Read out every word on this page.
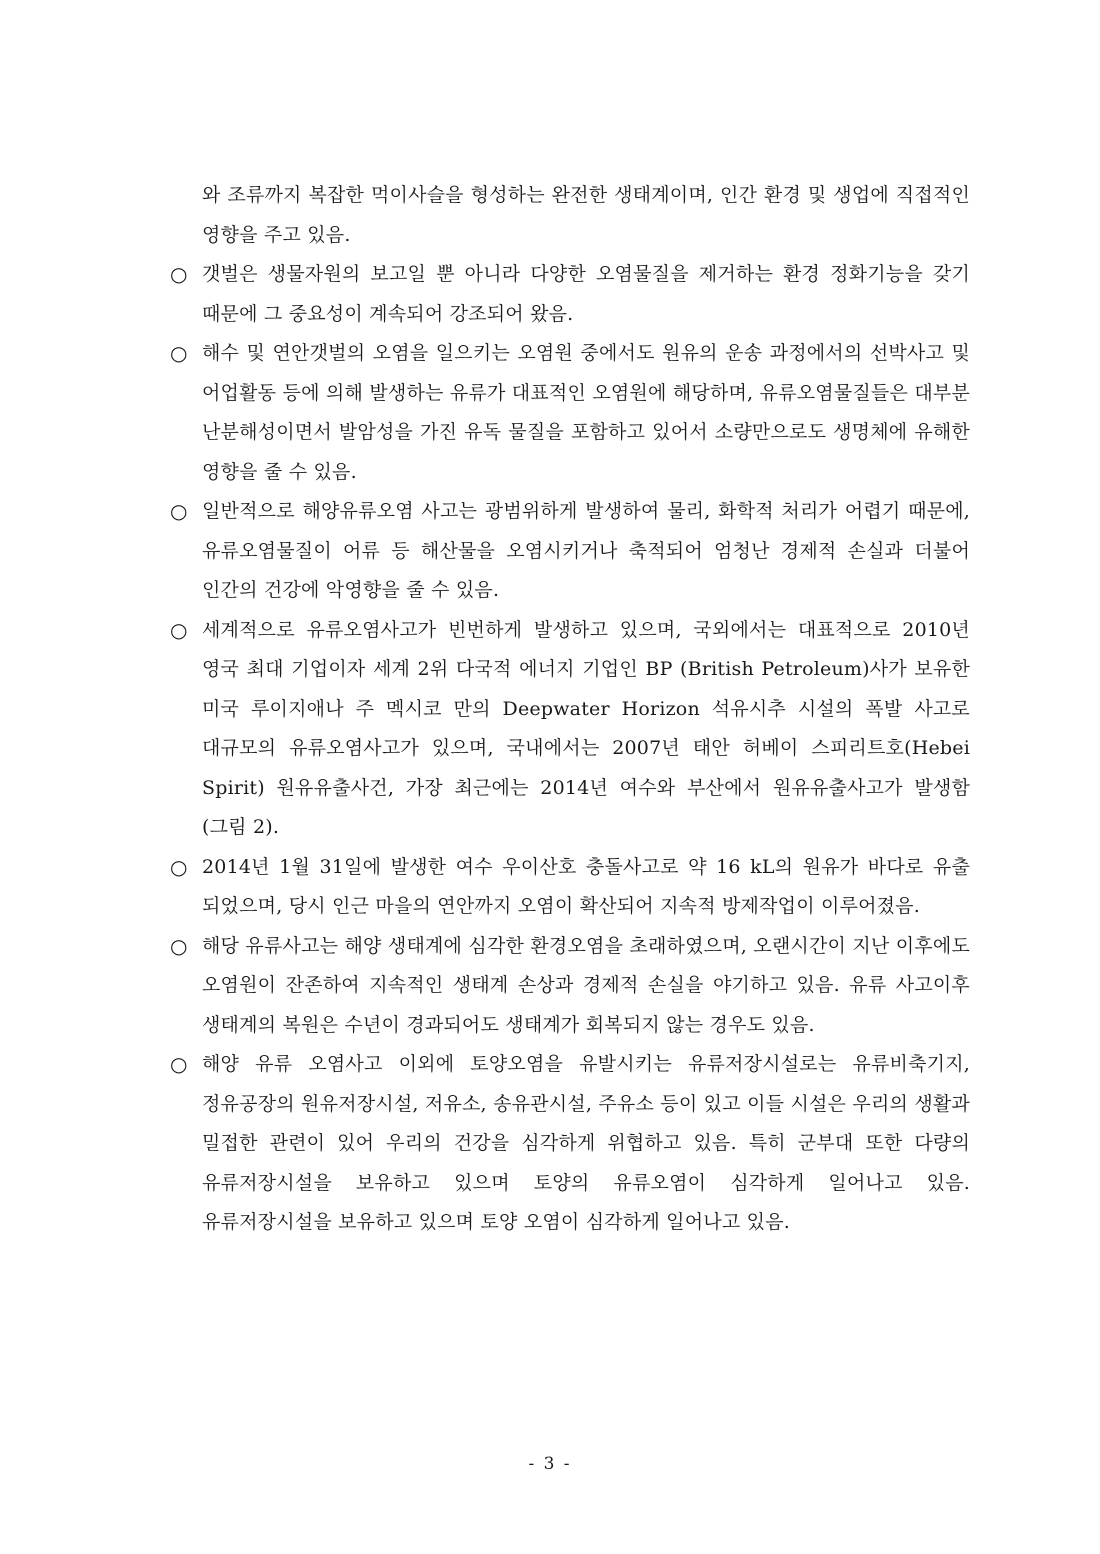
와 조류까지 복잡한 먹이사슬을 형성하는 완전한 생태계이며, 인간 환경 및 생업에 직접적인 영향을 주고 있음.
○ 갯벌은 생물자원의 보고일 뿐 아니라 다양한 오염물질을 제거하는 환경 정화기능을 갖기 때문에 그 중요성이 계속되어 강조되어 왔음.
○ 해수 및 연안갯벌의 오염을 일으키는 오염원 중에서도 원유의 운송 과정에서의 선박사고 및 어업활동 등에 의해 발생하는 유류가 대표적인 오염원에 해당하며, 유류오염물질들은 대부분 난분해성이면서 발암성을 가진 유독 물질을 포함하고 있어서 소량만으로도 생명체에 유해한 영향을 줄 수 있음.
○ 일반적으로 해양유류오염 사고는 광범위하게 발생하여 물리, 화학적 처리가 어렵기 때문에, 유류오염물질이 어류 등 해산물을 오염시키거나 축적되어 엄청난 경제적 손실과 더불어 인간의 건강에 악영향을 줄 수 있음.
○ 세계적으로 유류오염사고가 빈번하게 발생하고 있으며, 국외에서는 대표적으로 2010년 영국 최대 기업이자 세계 2위 다국적 에너지 기업인 BP (British Petroleum)사가 보유한 미국 루이지애나 주 멕시코 만의 Deepwater Horizon 석유시추 시설의 폭발 사고로 대규모의 유류오염사고가 있으며, 국내에서는 2007년 태안 허베이 스피리트호(Hebei Spirit) 원유유출사건, 가장 최근에는 2014년 여수와 부산에서 원유유출사고가 발생함(그림 2).
○ 2014년 1월 31일에 발생한 여수 우이산호 충돌사고로 약 16 kL의 원유가 바다로 유출 되었으며, 당시 인근 마을의 연안까지 오염이 확산되어 지속적 방제작업이 이루어졌음.
○ 해당 유류사고는 해양 생태계에 심각한 환경오염을 초래하였으며, 오랜시간이 지난 이후에도 오염원이 잔존하여 지속적인 생태계 손상과 경제적 손실을 야기하고 있음. 유류 사고이후 생태계의 복원은 수년이 경과되어도 생태계가 회복되지 않는 경우도 있음.
○ 해양 유류 오염사고 이외에 토양오염을 유발시키는 유류저장시설로는 유류비축기지, 정유공장의 원유저장시설, 저유소, 송유관시설, 주유소 등이 있고 이들 시설은 우리의 생활과 밀접한 관련이 있어 우리의 건강을 심각하게 위협하고 있음. 특히 군부대 또한 다량의 유류저장시설을 보유하고 있으며 토양의 유류오염이 심각하게 일어나고 있음. 유류저장시설을 보유하고 있으며 토양 오염이 심각하게 일어나고 있음.
- 3 -
